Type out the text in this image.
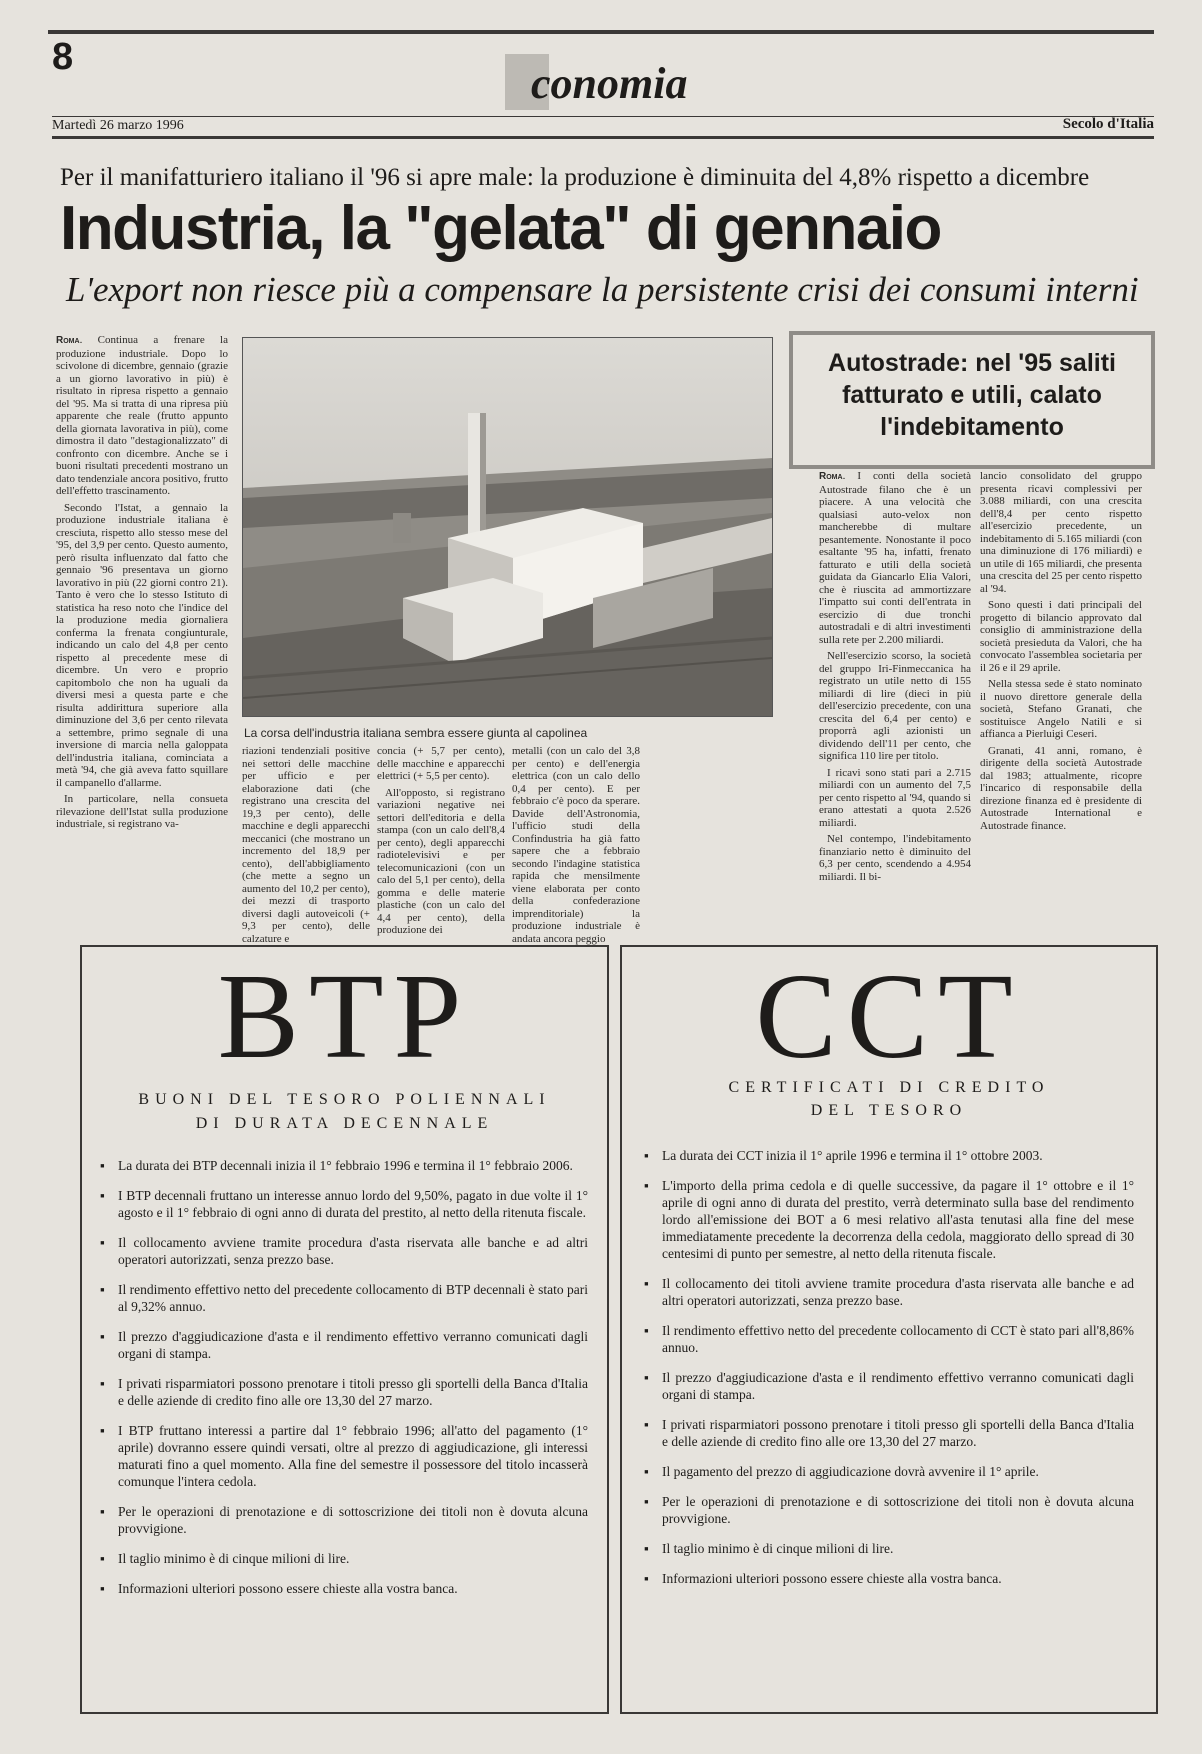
8
conomia
Martedì 26 marzo 1996	Secolo d'Italia
Per il manifatturiero italiano il '96 si apre male: la produzione è diminuita del 4,8% rispetto a dicembre
Industria, la "gelata" di gennaio
L'export non riesce più a compensare la persistente crisi dei consumi interni

Roma. Continua a frenare la produzione industriale. Dopo lo scivolone di dicembre, gennaio (grazie a un giorno lavorativo in più) è risultato in ripresa rispetto a gennaio del '95. Ma si tratta di una ripresa più apparente che reale (frutto appunto della giornata lavorativa in più), come dimostra il dato "destagionalizzato" di confronto con dicembre. Anche se i buoni risultati precedenti mostrano un dato tendenziale ancora positivo, frutto dell'effetto trascinamento.

Secondo l'Istat, a gennaio la produzione industriale italiana è cresciuta, rispetto allo stesso mese del '95, del 3,9 per cento. Questo aumento, però risulta influenzato dal fatto che gennaio '96 presentava un giorno lavorativo in più (22 giorni contro 21). Tanto è vero che lo stesso Istituto di statistica ha reso noto che l'indice del la produzione media giornaliera conferma la frenata congiunturale, indicando un calo del 4,8 per cento rispetto al precedente mese di dicembre. Un vero e proprio capitombolo che non ha uguali da diversi mesi a questa parte e che risulta addirittura superiore alla diminuzione del 3,6 per cento rilevata a settembre, primo segnale di una inversione di marcia nella galoppata dell'industria italiana, cominciata a metà '94, che già aveva fatto squillare il campanello d'allarme.

In particolare, nella consueta rilevazione dell'Istat sulla produzione industriale, si registrano va-

La corsa dell'industria italiana sembra essere giunta al capolinea

riazioni tendenziali positive nei settori delle macchine per ufficio e per elaborazione dati (che registrano una crescita del 19,3 per cento), delle macchine e degli apparecchi meccanici (che mostrano un incremento del 18,9 per cento), dell'abbigliamento (che mette a segno un aumento del 10,2 per cento), dei mezzi di trasporto diversi dagli autoveicoli (+ 9,3 per cento), delle calzature e

concia (+ 5,7 per cento), delle macchine e apparecchi elettrici (+ 5,5 per cento).

All'opposto, si registrano variazioni negative nei settori dell'editoria e della stampa (con un calo dell'8,4 per cento), degli apparecchi radiotelevisivi e per telecomunicazioni (con un calo del 5,1 per cento), della gomma e delle materie plastiche (con un calo del 4,4 per cento), della produzione dei

metalli (con un calo del 3,8 per cento) e dell'energia elettrica (con un calo dello 0,4 per cento). E per febbraio c'è poco da sperare. Davide dell'Astronomia, l'ufficio studi della Confindustria ha già fatto sapere che a febbraio secondo l'indagine statistica rapida che mensilmente viene elaborata per conto della confederazione imprenditoriale) la produzione industriale è andata ancora peggio

Autostrade: nel '95 saliti fatturato e utili, calato l'indebitamento

Roma. I conti della società Autostrade filano che è un piacere. A una velocità che qualsiasi auto-velox non mancherebbe di multare pesantemente. Nonostante il poco esaltante '95 ha, infatti, frenato fatturato e utili della società guidata da Giancarlo Elia Valori, che è riuscita ad ammortizzare l'impatto sui conti dell'entrata in esercizio di due tronchi autostradali e di altri investimenti sulla rete per 2.200 miliardi.

Nell'esercizio scorso, la società del gruppo Iri-Finmeccanica ha registrato un utile netto di 155 miliardi di lire (dieci in più dell'esercizio precedente, con una crescita del 6,4 per cento) e proporrà agli azionisti un dividendo dell'11 per cento, che significa 110 lire per titolo.

I ricavi sono stati pari a 2.715 miliardi con un aumento del 7,5 per cento rispetto al '94, quando si erano attestati a quota 2.526 miliardi.

Nel contempo, l'indebitamento finanziario netto è diminuito del 6,3 per cento, scendendo a 4.954 miliardi. Il bi-

lancio consolidato del gruppo presenta ricavi complessivi per 3.088 miliardi, con una crescita dell'8,4 per cento rispetto all'esercizio precedente, un indebitamento di 5.165 miliardi (con una diminuzione di 176 miliardi) e un utile di 165 miliardi, che presenta una crescita del 25 per cento rispetto al '94.

Sono questi i dati principali del progetto di bilancio approvato dal consiglio di amministrazione della società presieduta da Valori, che ha convocato l'assemblea societaria per il 26 e il 29 aprile.

Nella stessa sede è stato nominato il nuovo direttore generale della società, Stefano Granati, che sostituisce Angelo Natili e si affianca a Pierluigi Ceseri.

Granati, 41 anni, romano, è dirigente della società Autostrade dal 1983; attualmente, ricopre l'incarico di responsabile della direzione finanza ed è presidente di Autostrade International e Autostrade finance.

BTP
BUONI DEL TESORO POLIENNALI
DI DURATA DECENNALE
▪ La durata dei BTP decennali inizia il 1° febbraio 1996 e termina il 1° febbraio 2006.
▪ I BTP decennali fruttano un interesse annuo lordo del 9,50%, pagato in due volte il 1° agosto e il 1° febbraio di ogni anno di durata del prestito, al netto della ritenuta fiscale.
▪ Il collocamento avviene tramite procedura d'asta riservata alle banche e ad altri operatori autorizzati, senza prezzo base.
▪ Il rendimento effettivo netto del precedente collocamento di BTP decennali è stato pari al 9,32% annuo.
▪ Il prezzo d'aggiudicazione d'asta e il rendimento effettivo verranno comunicati dagli organi di stampa.
▪ I privati risparmiatori possono prenotare i titoli presso gli sportelli della Banca d'Italia e delle aziende di credito fino alle ore 13,30 del 27 marzo.
▪ I BTP fruttano interessi a partire dal 1° febbraio 1996; all'atto del pagamento (1° aprile) dovranno essere quindi versati, oltre al prezzo di aggiudicazione, gli interessi maturati fino a quel momento. Alla fine del semestre il possessore del titolo incasserà comunque l'intera cedola.
▪ Per le operazioni di prenotazione e di sottoscrizione dei titoli non è dovuta alcuna provvigione.
▪ Il taglio minimo è di cinque milioni di lire.
▪ Informazioni ulteriori possono essere chieste alla vostra banca.
CCT
CERTIFICATI DI CREDITO
DEL TESORO
▪ La durata dei CCT inizia il 1° aprile 1996 e termina il 1° ottobre 2003.
▪ L'importo della prima cedola e di quelle successive, da pagare il 1° ottobre e il 1° aprile di ogni anno di durata del prestito, verrà determinato sulla base del rendimento lordo all'emissione dei BOT a 6 mesi relativo all'asta tenutasi alla fine del mese immediatamente precedente la decorrenza della cedola, maggiorato dello spread di 30 centesimi di punto per semestre, al netto della ritenuta fiscale.
▪ Il collocamento dei titoli avviene tramite procedura d'asta riservata alle banche e ad altri operatori autorizzati, senza prezzo base.
▪ Il rendimento effettivo netto del precedente collocamento di CCT è stato pari all'8,86% annuo.
▪ Il prezzo d'aggiudicazione d'asta e il rendimento effettivo verranno comunicati dagli organi di stampa.
▪ I privati risparmiatori possono prenotare i titoli presso gli sportelli della Banca d'Italia e delle aziende di credito fino alle ore 13,30 del 27 marzo.
▪ Il pagamento del prezzo di aggiudicazione dovrà avvenire il 1° aprile.
▪ Per le operazioni di prenotazione e di sottoscrizione dei titoli non è dovuta alcuna provvigione.
▪ Il taglio minimo è di cinque milioni di lire.
▪ Informazioni ulteriori possono essere chieste alla vostra banca.
